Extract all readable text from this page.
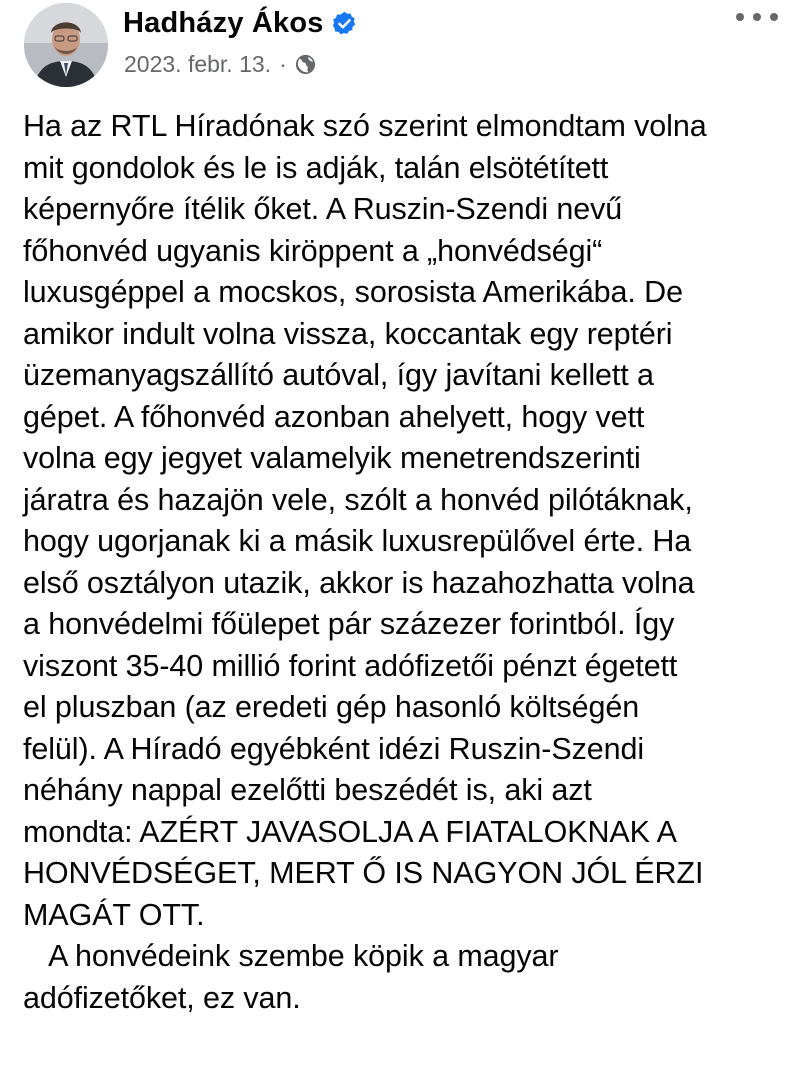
Hadházy Ákos
2023. febr. 13. ·
Ha az RTL Híradónak szó szerint elmondtam volna
mit gondolok és le is adják, talán elsötétített
képernyőre ítélik őket. A Ruszin-Szendi nevű
főhonvéd ugyanis kiröppent a „honvédségi“
luxusgéppel a mocskos, sorosista Amerikába. De
amikor indult volna vissza, koccantak egy reptéri
üzemanyagszállító autóval, így javítani kellett a
gépet. A főhonvéd azonban ahelyett, hogy vett
volna egy jegyet valamelyik menetrendszerinti
járatra és hazajön vele, szólt a honvéd pilótáknak,
hogy ugorjanak ki a másik luxusrepülővel érte. Ha
első osztályon utazik, akkor is hazahozhatta volna
a honvédelmi főülepet pár százezer forintból. Így
viszont 35-40 millió forint adófizetői pénzt égetett
el pluszban (az eredeti gép hasonló költségén
felül). A Híradó egyébként idézi Ruszin-Szendi
néhány nappal ezelőtti beszédét is, aki azt
mondta: AZÉRT JAVASOLJA A FIATALOKNAK A
HONVÉDSÉGET, MERT Ő IS NAGYON JÓL ÉRZI
MAGÁT OTT.
A honvédeink szembe köpik a magyar
adófizetőket, ez van.
